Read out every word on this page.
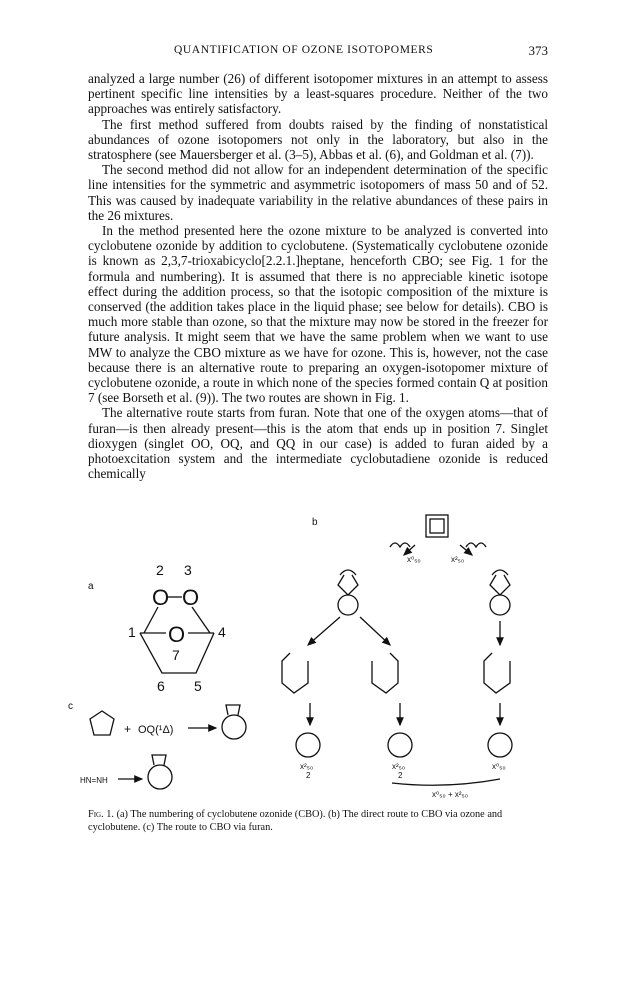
QUANTIFICATION OF OZONE ISOTOPOMERS	373

analyzed a large number (26) of different isotopomer mixtures in an attempt to assess pertinent specific line intensities by a least-squares procedure. Neither of the two approaches was entirely satisfactory.

The first method suffered from doubts raised by the finding of nonstatistical abundances of ozone isotopomers not only in the laboratory, but also in the stratosphere (see Mauersberger et al. (3–5), Abbas et al. (6), and Goldman et al. (7)).

The second method did not allow for an independent determination of the specific line intensities for the symmetric and asymmetric isotopomers of mass 50 and of 52. This was caused by inadequate variability in the relative abundances of these pairs in the 26 mixtures.

In the method presented here the ozone mixture to be analyzed is converted into cyclobutene ozonide by addition to cyclobutene. (Systematically cyclobutene ozonide is known as 2,3,7-trioxabicyclo[2.2.1.]heptane, henceforth CBO; see Fig. 1 for the formula and numbering). It is assumed that there is no appreciable kinetic isotope effect during the addition process, so that the isotopic composition of the mixture is conserved (the addition takes place in the liquid phase; see below for details). CBO is much more stable than ozone, so that the mixture may now be stored in the freezer for future analysis. It might seem that we have the same problem when we want to use MW to analyze the CBO mixture as we have for ozone. This is, however, not the case because there is an alternative route to preparing an oxygen-isotopomer mixture of cyclobutene ozonide, a route in which none of the species formed contain Q at position 7 (see Borseth et al. (9)). The two routes are shown in Fig. 1.

The alternative route starts from furan. Note that one of the oxygen atoms—that of furan—is then already present—this is the atom that ends up in position 7. Singlet dioxygen (singlet OO, OQ, and QQ in our case) is added to furan aided by a photoexcitation system and the intermediate cyclobutadiene ozonide is reduced chemically

a
2 3
O O
1	4
O
7
6 5
b
x⁰₅₀	x²₅₀
x²₅₀
2
x²₅₀
2
x⁰₅₀
x⁰₅₀ + x²₅₀
c
+ OQ(¹Δ)
HN=NH
Fig. 1. (a) The numbering of cyclobutene ozonide (CBO). (b) The direct route to CBO via ozone and cyclobutene. (c) The route to CBO via furan.
